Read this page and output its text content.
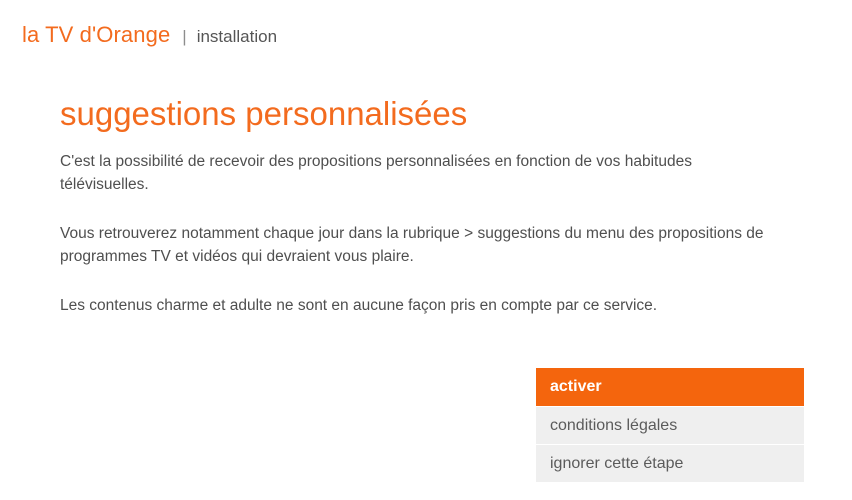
la TV d'Orange | installation
suggestions personnalisées

C'est la possibilité de recevoir des propositions personnalisées en fonction de vos habitudes télévisuelles.

Vous retrouverez notamment chaque jour dans la rubrique > suggestions du menu des propositions de programmes TV et vidéos qui devraient vous plaire.

Les contenus charme et adulte ne sont en aucune façon pris en compte par ce service.

activer
conditions légales
ignorer cette étape
